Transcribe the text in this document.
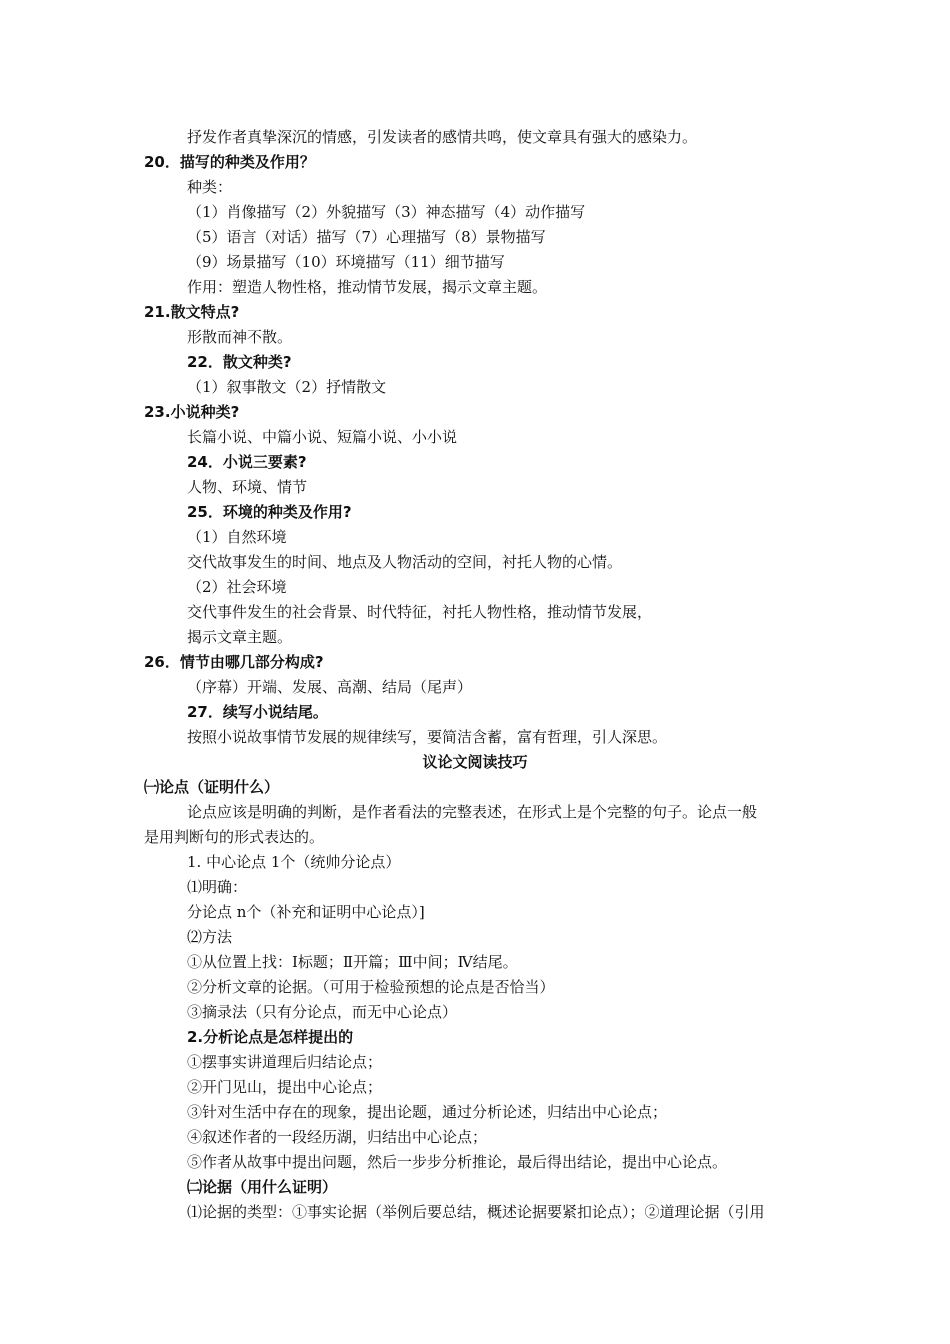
抒发作者真挚深沉的情感，引发读者的感情共鸣，使文章具有强大的感染力。
20．描写的种类及作用？
种类：
（1）肖像描写（2）外貌描写（3）神态描写（4）动作描写
（5）语言（对话）描写（7）心理描写（8）景物描写
（9）场景描写（10）环境描写（11）细节描写
作用：塑造人物性格，推动情节发展，揭示文章主题。
21.散文特点?
形散而神不散。
22．散文种类?
（1）叙事散文（2）抒情散文
23.小说种类?
长篇小说、中篇小说、短篇小说、小小说
24．小说三要素?
人物、环境、情节
25．环境的种类及作用?
（1）自然环境
交代故事发生的时间、地点及人物活动的空间，衬托人物的心情。
（2）社会环境
交代事件发生的社会背景、时代特征，衬托人物性格，推动情节发展，
揭示文章主题。
26．情节由哪几部分构成?
（序幕）开端、发展、高潮、结局（尾声）
27．续写小说结尾。
按照小说故事情节发展的规律续写，要简洁含蓄，富有哲理，引人深思。
议论文阅读技巧
㈠论点（证明什么）
论点应该是明确的判断，是作者看法的完整表述，在形式上是个完整的句子。论点一般
是用判断句的形式表达的。
1. 中心论点 1个（统帅分论点）
⑴明确：
分论点 n个（补充和证明中心论点）]
⑵方法
①从位置上找：Ⅰ标题；Ⅱ开篇；Ⅲ中间；Ⅳ结尾。
②分析文章的论据。（可用于检验预想的论点是否恰当）
③摘录法（只有分论点，而无中心论点）
2.分析论点是怎样提出的
①摆事实讲道理后归结论点；
②开门见山，提出中心论点；
③针对生活中存在的现象，提出论题，通过分析论述，归结出中心论点；
④叙述作者的一段经历湖，归结出中心论点；
⑤作者从故事中提出问题，然后一步步分析推论，最后得出结论，提出中心论点。
㈡论据（用什么证明）
⑴论据的类型：①事实论据（举例后要总结，概述论据要紧扣论点）；②道理论据（引用
